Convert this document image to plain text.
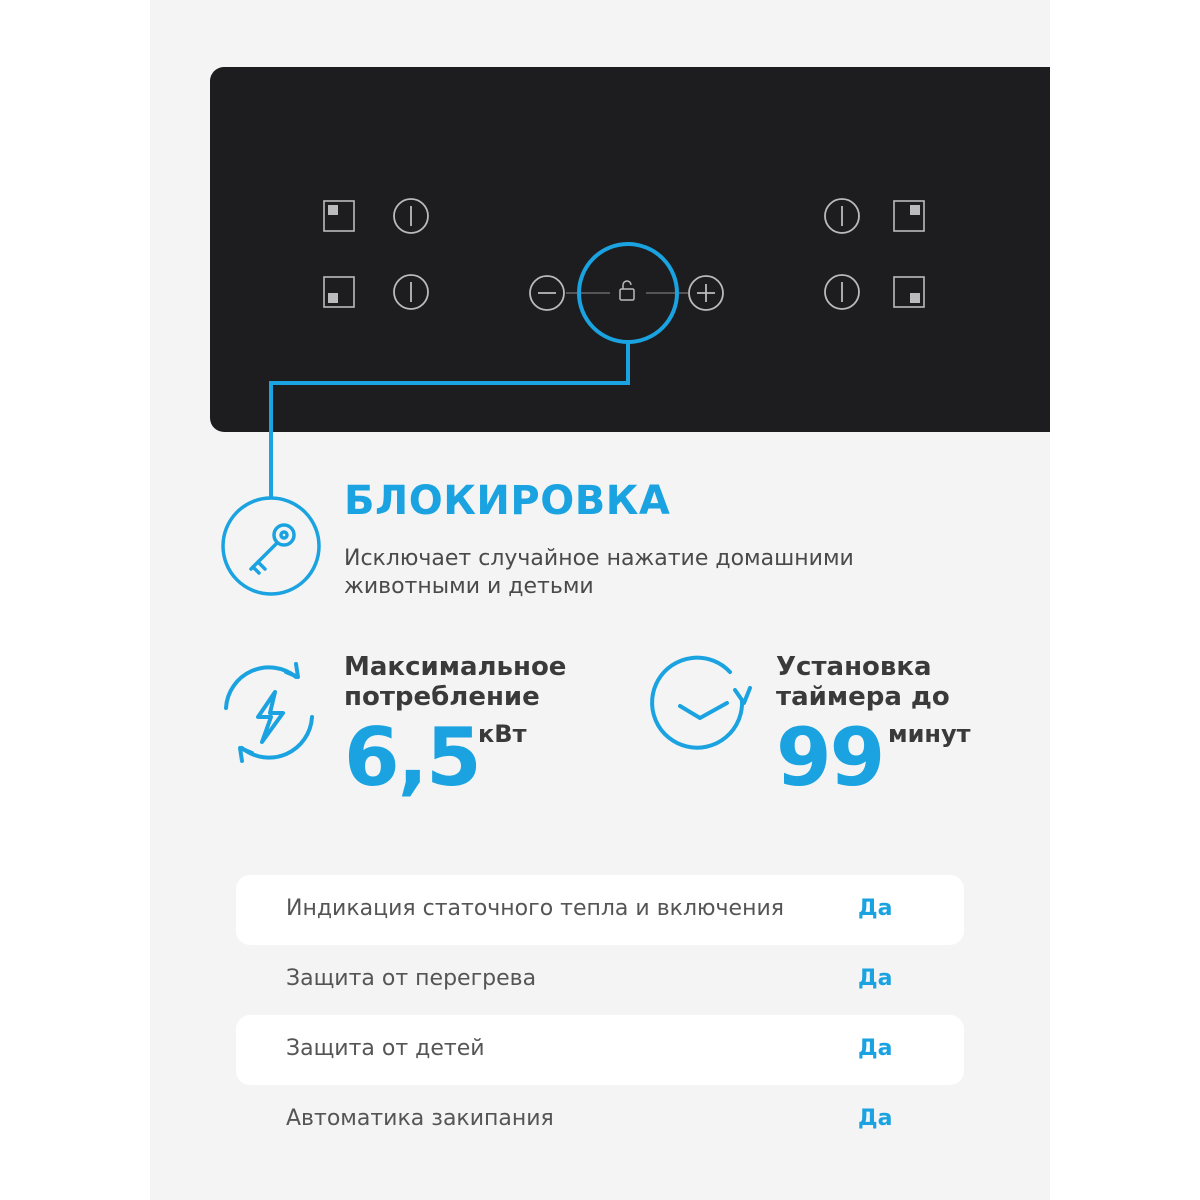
БЛОКИРОВКА
Исключает случайное нажатие домашними животными и детьми
Максимальное
потребление
6,5
кВт
Установка
таймера до
99 минут
Индикация статочного тепла и включения	Да
Защита от перегрева	Да
Защита от детей	Да
Автоматика закипания	Да
